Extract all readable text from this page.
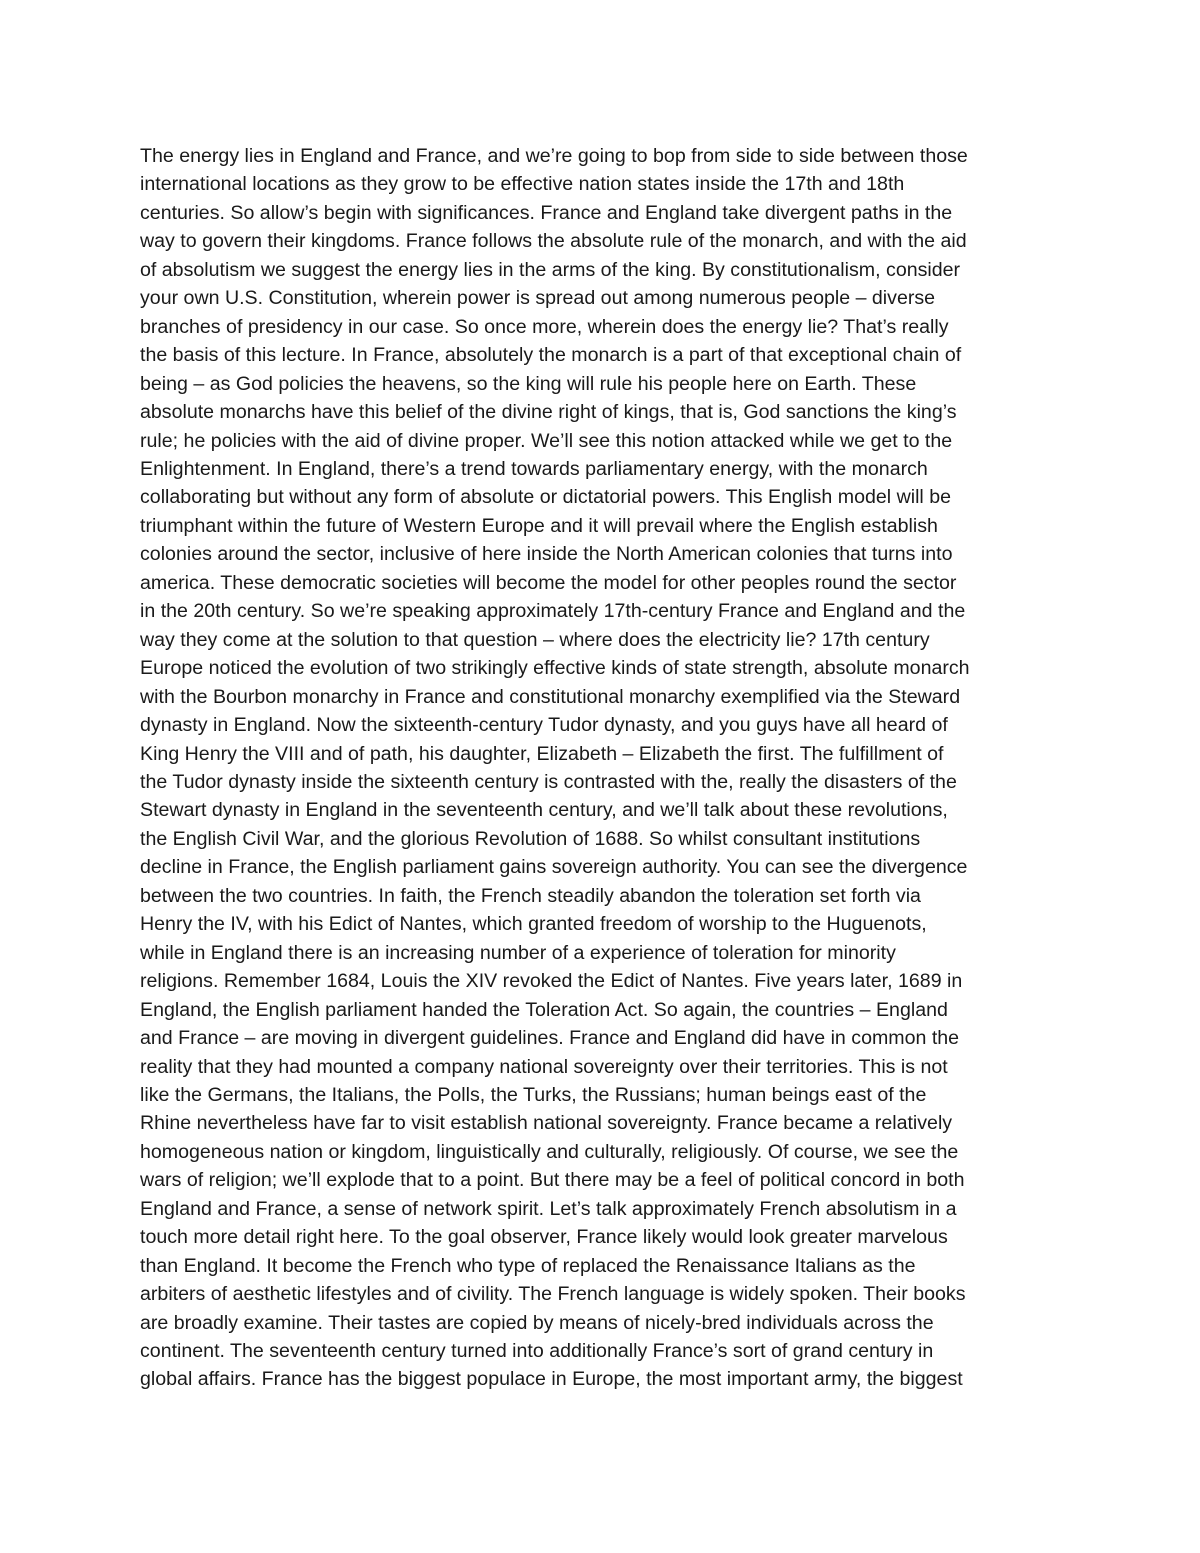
The energy lies in England and France, and we’re going to bop from side to side between those
international locations as they grow to be effective nation states inside the 17th and 18th
centuries. So allow’s begin with significances. France and England take divergent paths in the
way to govern their kingdoms. France follows the absolute rule of the monarch, and with the aid
of absolutism we suggest the energy lies in the arms of the king. By constitutionalism, consider
your own U.S. Constitution, wherein power is spread out among numerous people – diverse
branches of presidency in our case. So once more, wherein does the energy lie? That’s really
the basis of this lecture. In France, absolutely the monarch is a part of that exceptional chain of
being – as God policies the heavens, so the king will rule his people here on Earth. These
absolute monarchs have this belief of the divine right of kings, that is, God sanctions the king’s
rule; he policies with the aid of divine proper. We’ll see this notion attacked while we get to the
Enlightenment. In England, there’s a trend towards parliamentary energy, with the monarch
collaborating but without any form of absolute or dictatorial powers. This English model will be
triumphant within the future of Western Europe and it will prevail where the English establish
colonies around the sector, inclusive of here inside the North American colonies that turns into
america. These democratic societies will become the model for other peoples round the sector
in the 20th century. So we’re speaking approximately 17th-century France and England and the
way they come at the solution to that question – where does the electricity lie? 17th century
Europe noticed the evolution of two strikingly effective kinds of state strength, absolute monarch
with the Bourbon monarchy in France and constitutional monarchy exemplified via the Steward
dynasty in England. Now the sixteenth-century Tudor dynasty, and you guys have all heard of
King Henry the VIII and of path, his daughter, Elizabeth – Elizabeth the first. The fulfillment of
the Tudor dynasty inside the sixteenth century is contrasted with the, really the disasters of the
Stewart dynasty in England in the seventeenth century, and we’ll talk about these revolutions,
the English Civil War, and the glorious Revolution of 1688. So whilst consultant institutions
decline in France, the English parliament gains sovereign authority. You can see the divergence
between the two countries. In faith, the French steadily abandon the toleration set forth via
Henry the IV, with his Edict of Nantes, which granted freedom of worship to the Huguenots,
while in England there is an increasing number of a experience of toleration for minority
religions. Remember 1684, Louis the XIV revoked the Edict of Nantes. Five years later, 1689 in
England, the English parliament handed the Toleration Act. So again, the countries – England
and France – are moving in divergent guidelines. France and England did have in common the
reality that they had mounted a company national sovereignty over their territories. This is not
like the Germans, the Italians, the Polls, the Turks, the Russians; human beings east of the
Rhine nevertheless have far to visit establish national sovereignty. France became a relatively
homogeneous nation or kingdom, linguistically and culturally, religiously. Of course, we see the
wars of religion; we’ll explode that to a point. But there may be a feel of political concord in both
England and France, a sense of network spirit. Let’s talk approximately French absolutism in a
touch more detail right here. To the goal observer, France likely would look greater marvelous
than England. It become the French who type of replaced the Renaissance Italians as the
arbiters of aesthetic lifestyles and of civility. The French language is widely spoken. Their books
are broadly examine. Their tastes are copied by means of nicely-bred individuals across the
continent. The seventeenth century turned into additionally France’s sort of grand century in
global affairs. France has the biggest populace in Europe, the most important army, the biggest
